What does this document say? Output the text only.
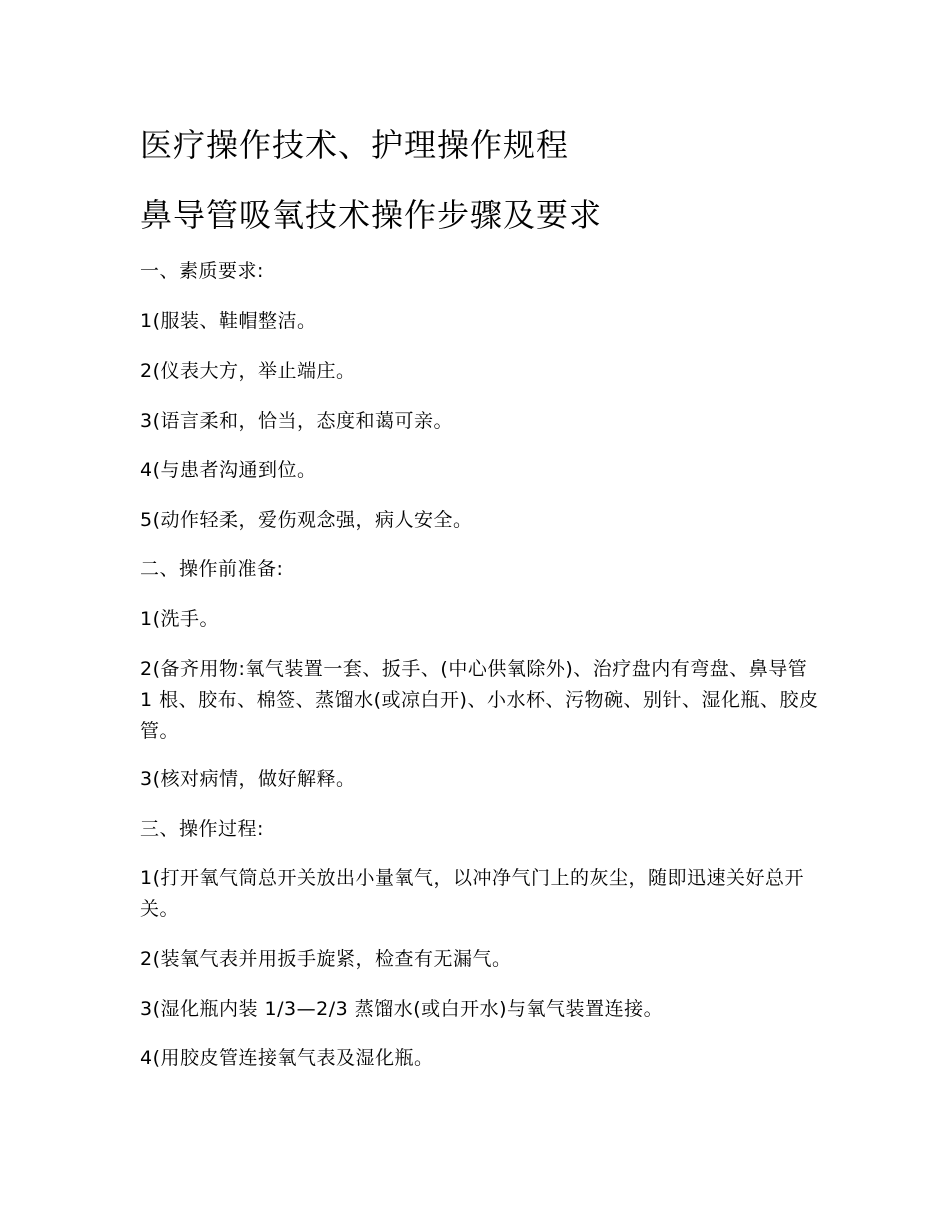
医疗操作技术、护理操作规程
鼻导管吸氧技术操作步骤及要求
一、素质要求:
1(服装、鞋帽整洁。
2(仪表大方，举止端庄。
3(语言柔和，恰当，态度和蔼可亲。
4(与患者沟通到位。
5(动作轻柔，爱伤观念强，病人安全。
二、操作前准备:
1(洗手。
2(备齐用物:氧气装置一套、扳手、(中心供氧除外)、治疗盘内有弯盘、鼻导管 1 根、胶布、棉签、蒸馏水(或凉白开)、小水杯、污物碗、别针、湿化瓶、胶皮管。
3(核对病情，做好解释。
三、操作过程:
1(打开氧气筒总开关放出小量氧气，以冲净气门上的灰尘，随即迅速关好总开关。
2(装氧气表并用扳手旋紧，检查有无漏气。
3(湿化瓶内装 1/3—2/3 蒸馏水(或白开水)与氧气装置连接。
4(用胶皮管连接氧气表及湿化瓶。
